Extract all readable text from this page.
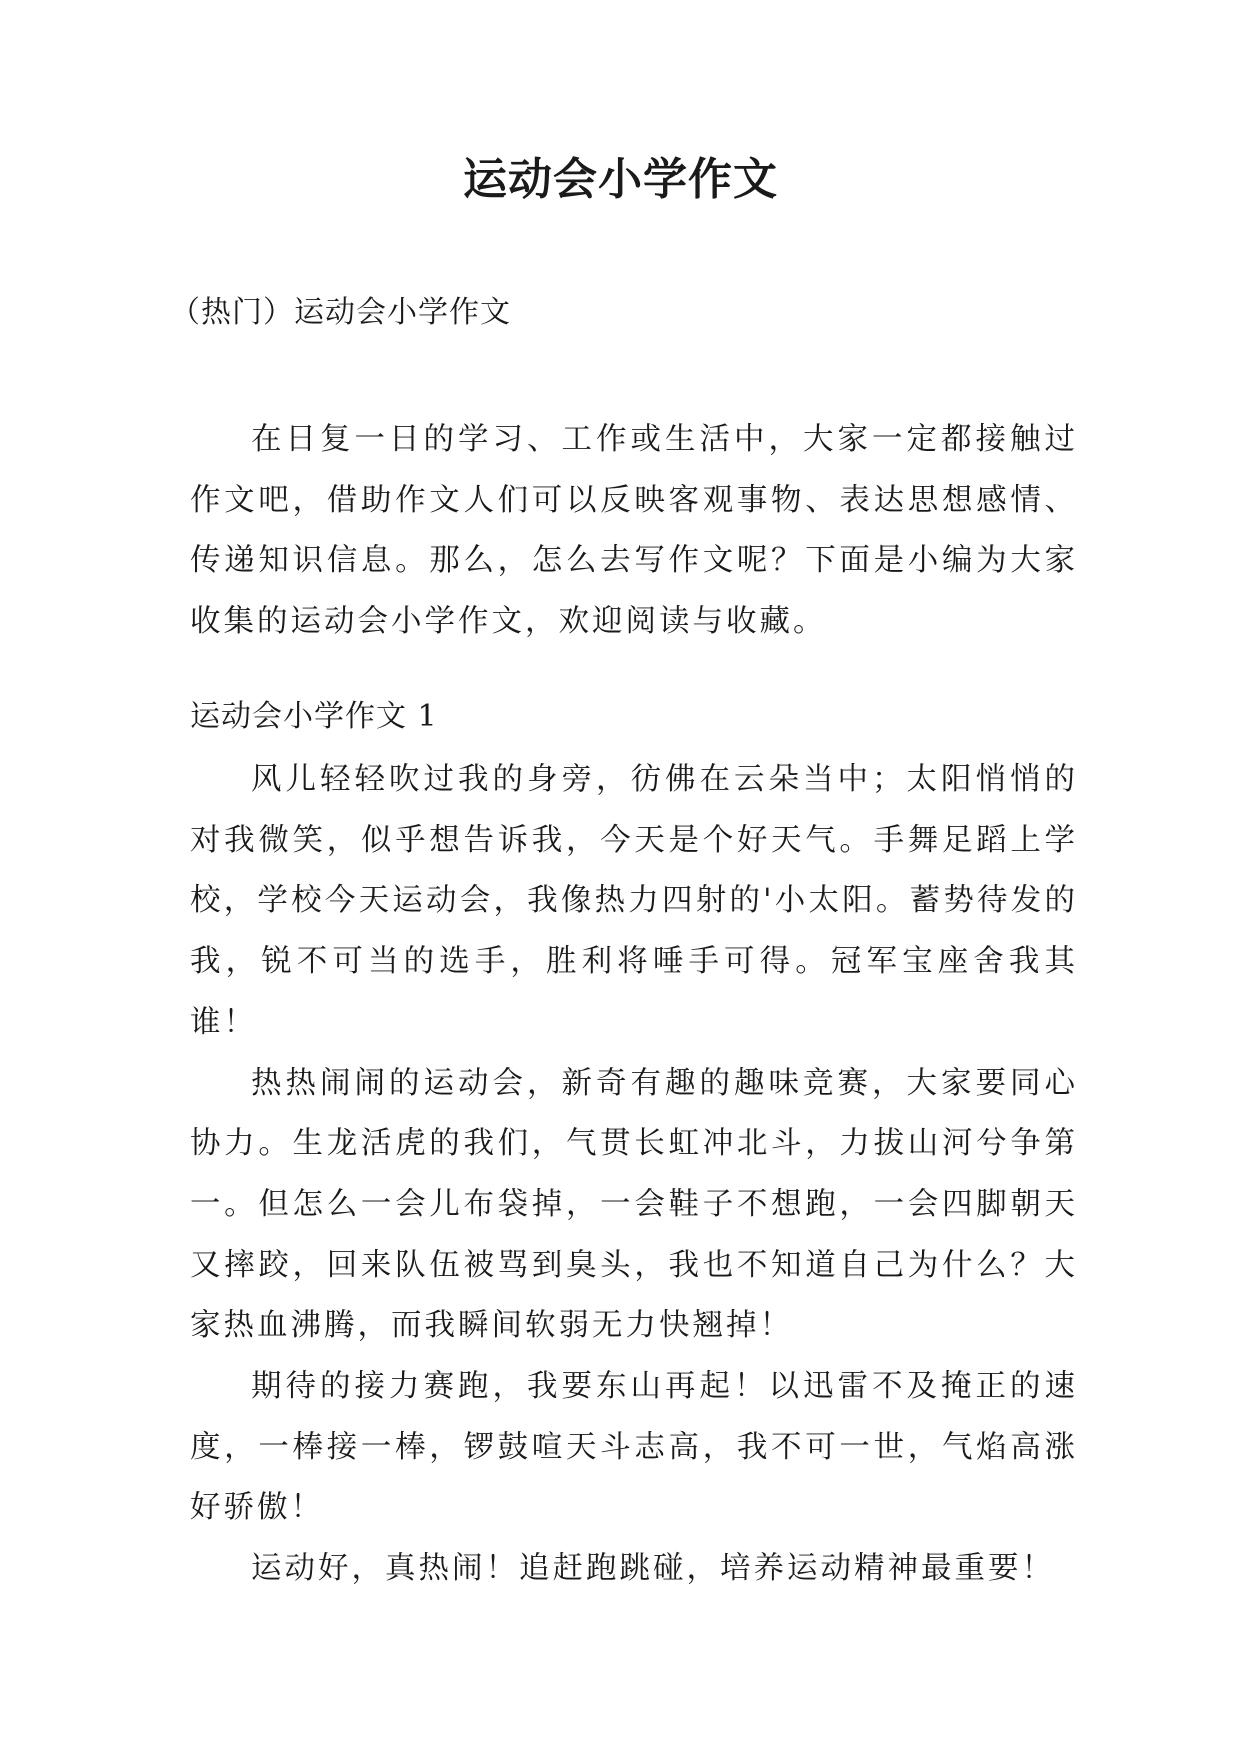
运动会小学作文

（热门）运动会小学作文

在日复一日的学习、工作或生活中，大家一定都接触过作文吧，借助作文人们可以反映客观事物、表达思想感情、传递知识信息。那么，怎么去写作文呢？下面是小编为大家收集的运动会小学作文，欢迎阅读与收藏。

运动会小学作文 1

风儿轻轻吹过我的身旁，彷佛在云朵当中；太阳悄悄的对我微笑，似乎想告诉我，今天是个好天气。手舞足蹈上学校，学校今天运动会，我像热力四射的'小太阳。蓄势待发的我，锐不可当的选手，胜利将唾手可得。冠军宝座舍我其谁！

热热闹闹的运动会，新奇有趣的趣味竞赛，大家要同心协力。生龙活虎的我们，气贯长虹冲北斗，力拔山河兮争第一。但怎么一会儿布袋掉，一会鞋子不想跑，一会四脚朝天又摔跤，回来队伍被骂到臭头，我也不知道自己为什么？大家热血沸腾，而我瞬间软弱无力快翘掉！

期待的接力赛跑，我要东山再起！以迅雷不及掩正的速度，一棒接一棒，锣鼓喧天斗志高，我不可一世，气焰高涨好骄傲！

运动好，真热闹！追赶跑跳碰，培养运动精神最重要！
